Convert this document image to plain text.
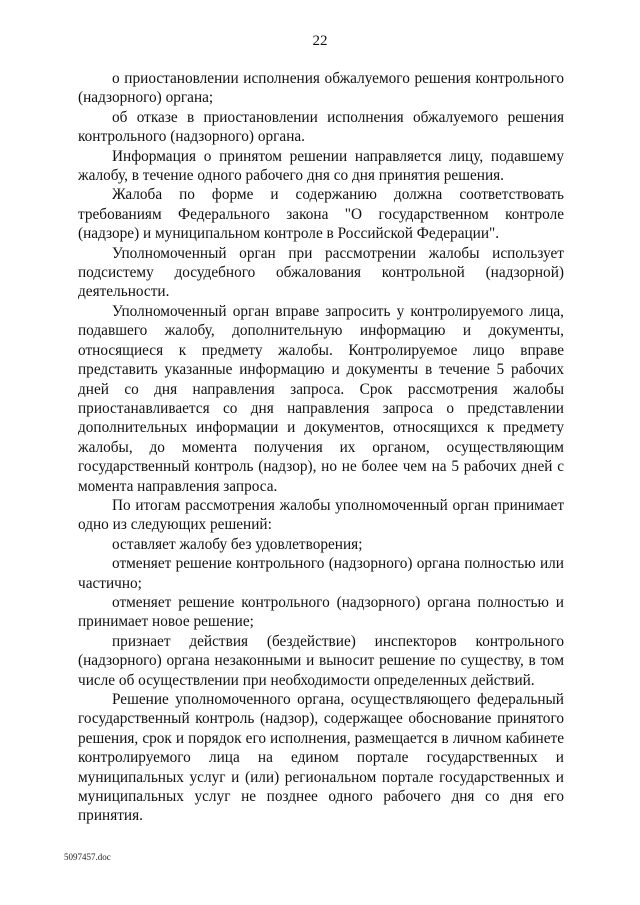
22

о приостановлении исполнения обжалуемого решения контрольного (надзорного) органа;

об отказе в приостановлении исполнения обжалуемого решения контрольного (надзорного) органа.

Информация о принятом решении направляется лицу, подавшему жалобу, в течение одного рабочего дня со дня принятия решения.

Жалоба по форме и содержанию должна соответствовать требованиям Федерального закона "О государственном контроле (надзоре) и муниципальном контроле в Российской Федерации".

Уполномоченный орган при рассмотрении жалобы использует подсистему досудебного обжалования контрольной (надзорной) деятельности.

Уполномоченный орган вправе запросить у контролируемого лица, подавшего жалобу, дополнительную информацию и документы, относящиеся к предмету жалобы. Контролируемое лицо вправе представить указанные информацию и документы в течение 5 рабочих дней со дня направления запроса. Срок рассмотрения жалобы приостанавливается со дня направления запроса о представлении дополнительных информации и документов, относящихся к предмету жалобы, до момента получения их органом, осуществляющим государственный контроль (надзор), но не более чем на 5 рабочих дней с момента направления запроса.

По итогам рассмотрения жалобы уполномоченный орган принимает одно из следующих решений:

оставляет жалобу без удовлетворения;

отменяет решение контрольного (надзорного) органа полностью или частично;

отменяет решение контрольного (надзорного) органа полностью и принимает новое решение;

признает действия (бездействие) инспекторов контрольного (надзорного) органа незаконными и выносит решение по существу, в том числе об осуществлении при необходимости определенных действий.

Решение уполномоченного органа, осуществляющего федеральный государственный контроль (надзор), содержащее обоснование принятого решения, срок и порядок его исполнения, размещается в личном кабинете контролируемого лица на едином портале государственных и муниципальных услуг и (или) региональном портале государственных и муниципальных услуг не позднее одного рабочего дня со дня его принятия.

5097457.doc
